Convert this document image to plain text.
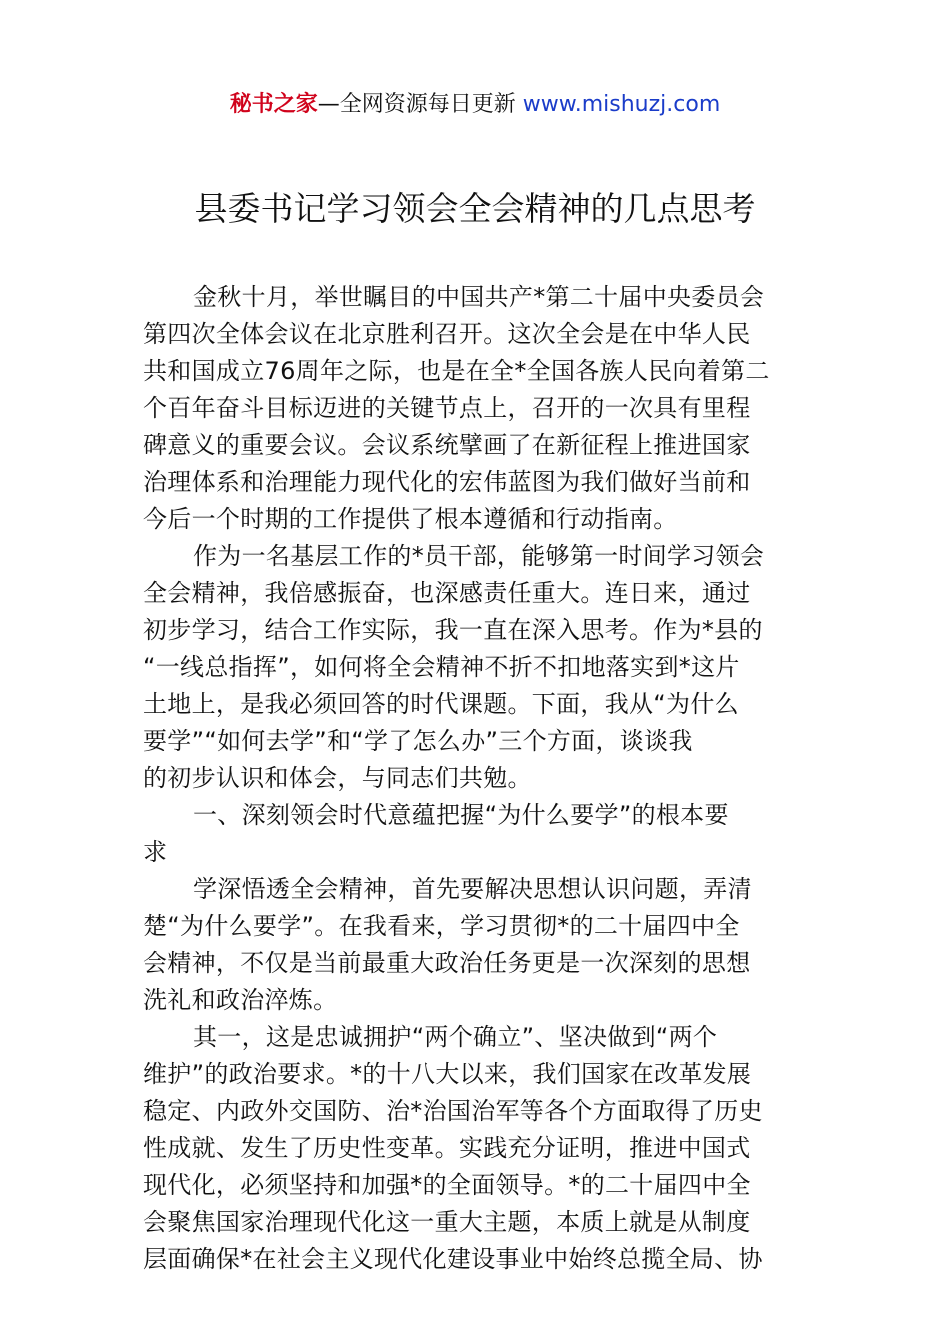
秘书之家—全网资源每日更新 www.mishuzj.com
县委书记学习领会全会精神的几点思考
金秋十月，举世瞩目的中国共产*第二十届中央委员会
第四次全体会议在北京胜利召开。这次全会是在中华人民
共和国成立76周年之际，也是在全*全国各族人民向着第二
个百年奋斗目标迈进的关键节点上，召开的一次具有里程
碑意义的重要会议。会议系统擘画了在新征程上推进国家
治理体系和治理能力现代化的宏伟蓝图为我们做好当前和
今后一个时期的工作提供了根本遵循和行动指南。
作为一名基层工作的*员干部，能够第一时间学习领会
全会精神，我倍感振奋，也深感责任重大。连日来，通过
初步学习，结合工作实际，我一直在深入思考。作为*县的
“一线总指挥”，如何将全会精神不折不扣地落实到*这片
土地上，是我必须回答的时代课题。下面，我从“为什么
要学”“如何去学”和“学了怎么办”三个方面，谈谈我
的初步认识和体会，与同志们共勉。
一、深刻领会时代意蕴把握“为什么要学”的根本要
求
学深悟透全会精神，首先要解决思想认识问题，弄清
楚“为什么要学”。在我看来，学习贯彻*的二十届四中全
会精神，不仅是当前最重大政治任务更是一次深刻的思想
洗礼和政治淬炼。
其一，这是忠诚拥护“两个确立”、坚决做到“两个
维护”的政治要求。*的十八大以来，我们国家在改革发展
稳定、内政外交国防、治*治国治军等各个方面取得了历史
性成就、发生了历史性变革。实践充分证明，推进中国式
现代化，必须坚持和加强*的全面领导。*的二十届四中全
会聚焦国家治理现代化这一重大主题，本质上就是从制度
层面确保*在社会主义现代化建设事业中始终总揽全局、协
